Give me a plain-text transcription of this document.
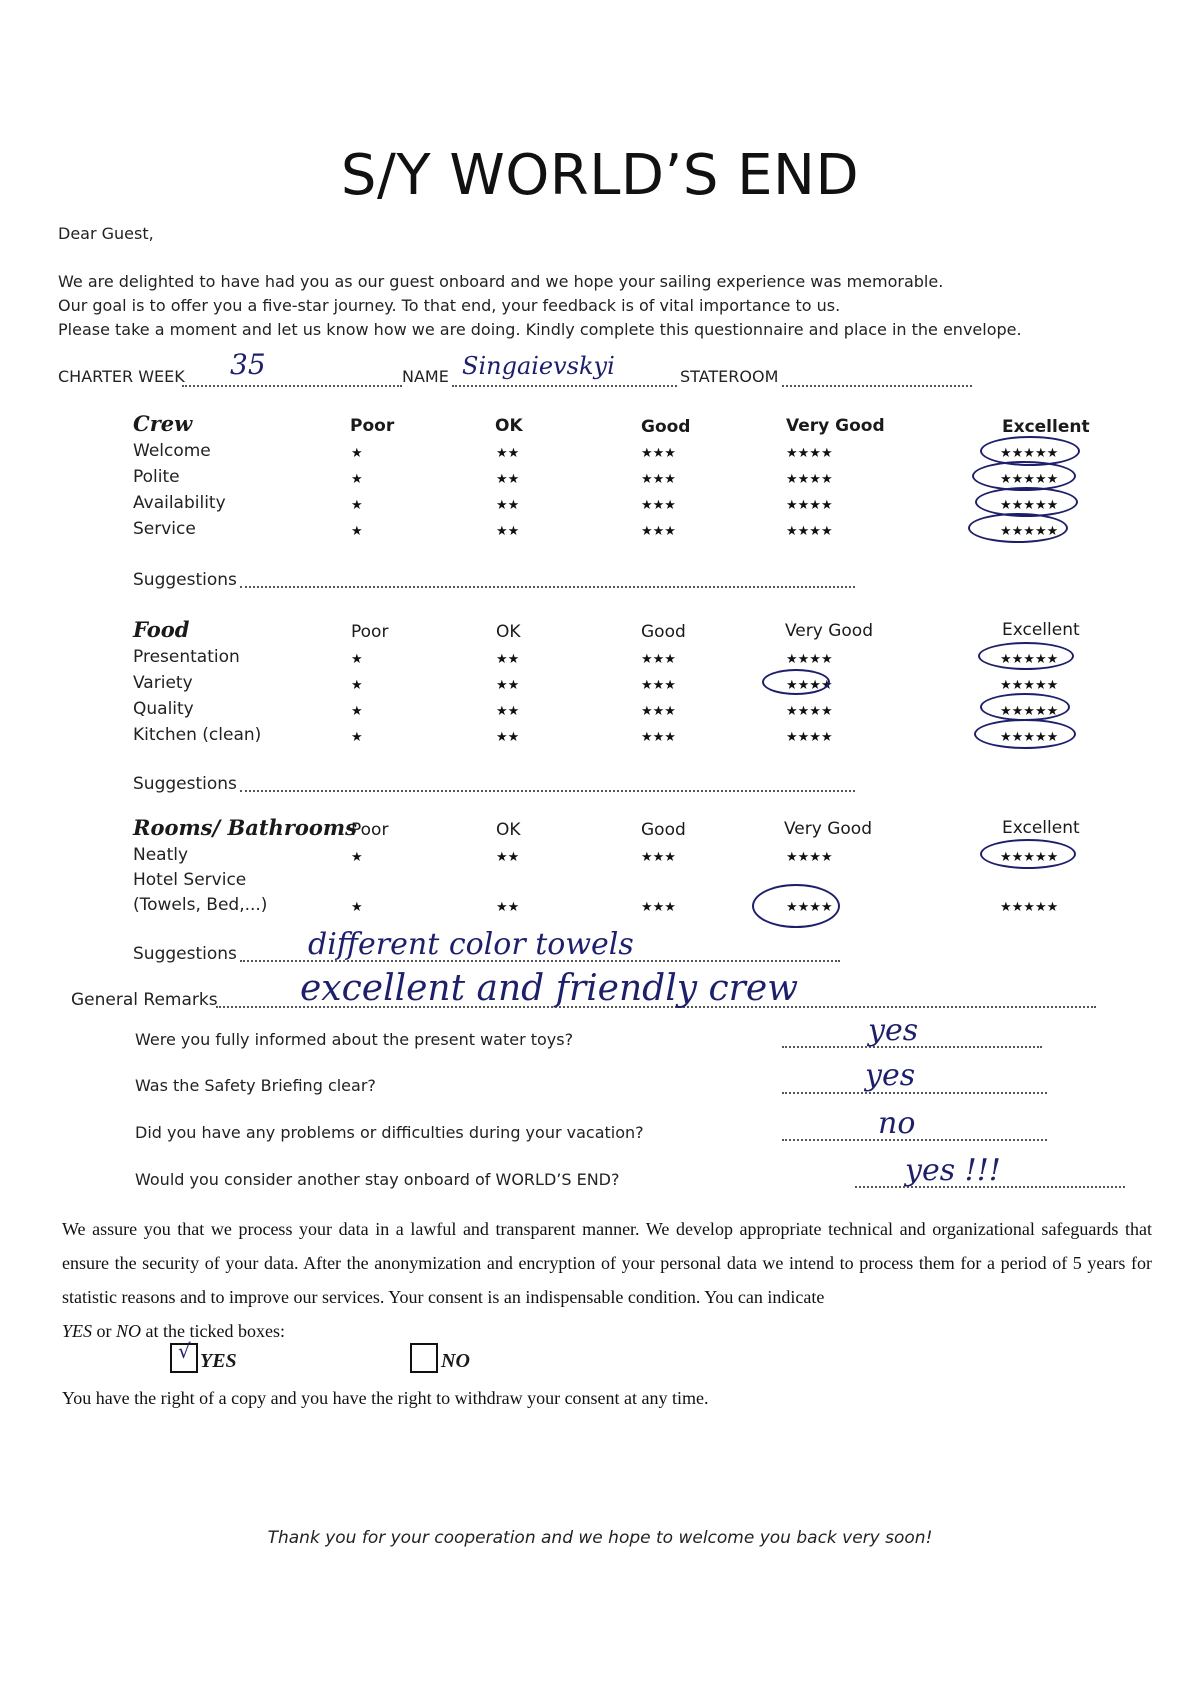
S/Y WORLD’S END
Dear Guest,
We are delighted to have had you as our guest onboard and we hope your sailing experience was memorable.
Our goal is to offer you a five-star journey. To that end, your feedback is of vital importance to us.
Please take a moment and let us know how we are doing. Kindly complete this questionnaire and place in the envelope.
CHARTER WEEK 35	NAME Singaievskyi	STATEROOM
Crew	Poor	OK	Good	Very Good	Excellent
Welcome	★	★★	★★★	★★★★	★★★★★
Polite	★	★★	★★★	★★★★	★★★★★
Availability	★	★★	★★★	★★★★	★★★★★
Service	★	★★	★★★	★★★★	★★★★★
Suggestions
Food	Poor	OK	Good	Very Good	Excellent
Presentation	★	★★	★★★	★★★★	★★★★★
Variety	★	★★	★★★	★★★★	★★★★★
Quality	★	★★	★★★	★★★★	★★★★★
Kitchen (clean)	★	★★	★★★	★★★★	★★★★★
Suggestions
Rooms/ Bathrooms
Poor	OK	Good	Very Good	Excellent
Neatly	★	★★	★★★	★★★★	★★★★★
Hotel Service
(Towels, Bed,...)	★	★★	★★★	★★★★	★★★★★
Suggestions different color towels
General Remarks excellent and friendly crew
Were you fully informed about the present water toys?	yes
Was the Safety Briefing clear?	yes
Did you have any problems or difficulties during your vacation?	no
Would you consider another stay onboard of WORLD’S END?	yes !!!
We assure you that we process your data in a lawful and transparent manner. We develop appropriate technical and organizational safeguards that ensure the security of your data. After the anonymization and encryption of your personal data we intend to process them for a period of 5 years for statistic reasons and to improve our services. Your consent is an indispensable condition. You can indicate
YES or NO at the ticked boxes:
√ YES	NO
You have the right of a copy and you have the right to withdraw your consent at any time.
Thank you for your cooperation and we hope to welcome you back very soon!
